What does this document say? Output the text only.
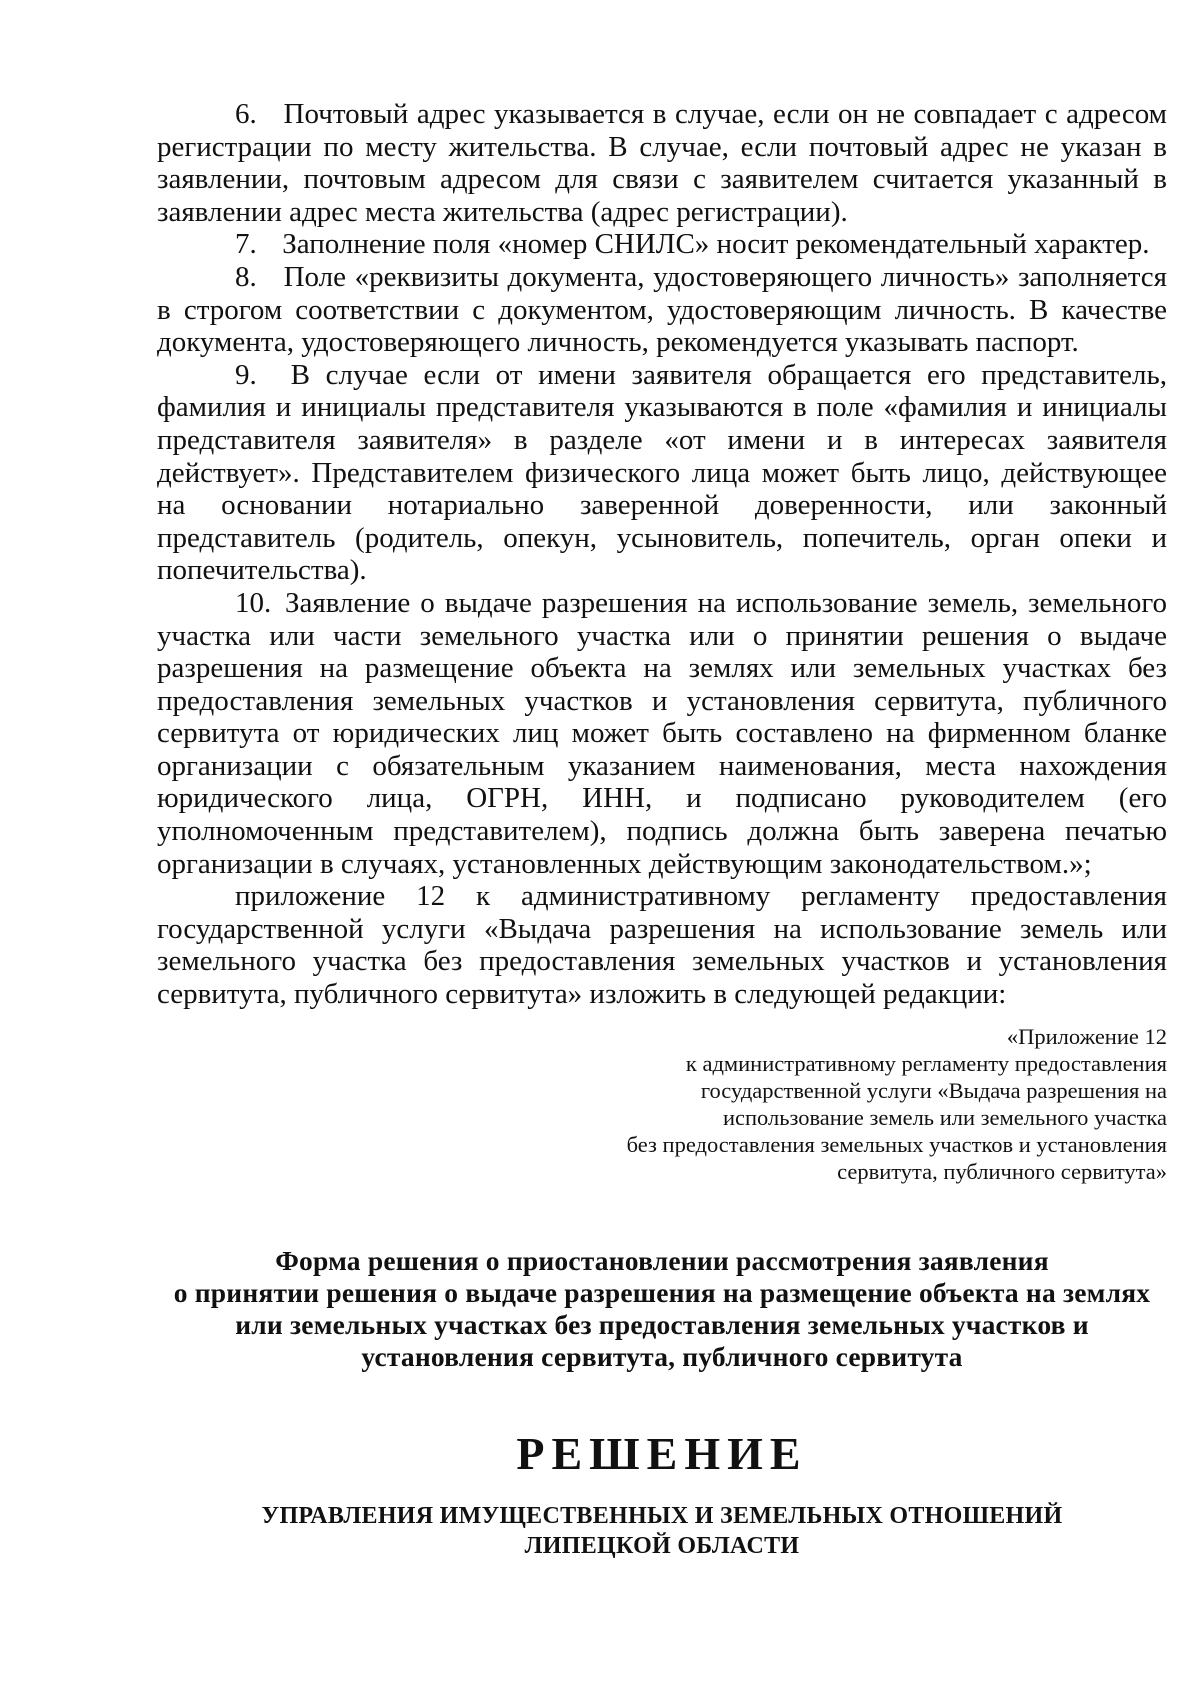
6. Почтовый адрес указывается в случае, если он не совпадает с адресом регистрации по месту жительства. В случае, если почтовый адрес не указан в заявлении, почтовым адресом для связи с заявителем считается указанный в заявлении адрес места жительства (адрес регистрации).

7. Заполнение поля «номер СНИЛС» носит рекомендательный характер.

8. Поле «реквизиты документа, удостоверяющего личность» заполняется в строгом соответствии с документом, удостоверяющим личность. В качестве документа, удостоверяющего личность, рекомендуется указывать паспорт.

9. В случае если от имени заявителя обращается его представитель, фамилия и инициалы представителя указываются в поле «фамилия и инициалы представителя заявителя» в разделе «от имени и в интересах заявителя действует». Представителем физического лица может быть лицо, действующее на основании нотариально заверенной доверенности, или законный представитель (родитель, опекун, усыновитель, попечитель, орган опеки и попечительства).

10. Заявление о выдаче разрешения на использование земель, земельного участка или части земельного участка или о принятии решения о выдаче разрешения на размещение объекта на землях или земельных участках без предоставления земельных участков и установления сервитута, публичного сервитута от юридических лиц может быть составлено на фирменном бланке организации с обязательным указанием наименования, места нахождения юридического лица, ОГРН, ИНН, и подписано руководителем (его уполномоченным представителем), подпись должна быть заверена печатью организации в случаях, установленных действующим законодательством.»;

приложение 12 к административному регламенту предоставления государственной услуги «Выдача разрешения на использование земель или земельного участка без предоставления земельных участков и установления сервитута, публичного сервитута» изложить в следующей редакции:

«Приложение 12
к административному регламенту предоставления
государственной услуги «Выдача разрешения на
использование земель или земельного участка
без предоставления земельных участков и установления
сервитута, публичного сервитута»
Форма решения о приостановлении рассмотрения заявления
о принятии решения о выдаче разрешения на размещение объекта на землях
или земельных участках без предоставления земельных участков и
установления сервитута, публичного сервитута
РЕШЕНИЕ
УПРАВЛЕНИЯ ИМУЩЕСТВЕННЫХ И ЗЕМЕЛЬНЫХ ОТНОШЕНИЙ
ЛИПЕЦКОЙ ОБЛАСТИ
